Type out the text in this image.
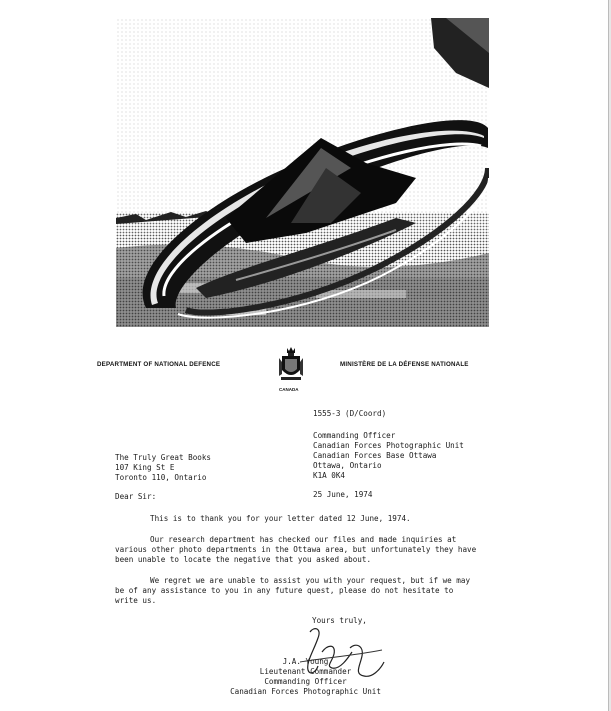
DEPARTMENT OF NATIONAL DEFENCE	MINISTÈRE DE LA DÉFENSE NATIONALE
CANADA
1555-3 (D/Coord)
Commanding Officer
Canadian Forces Photographic Unit
Canadian Forces Base Ottawa
Ottawa, Ontario
K1A 0K4
25 June, 1974
The Truly Great Books
107 King St E
Toronto 110, Ontario
Dear Sir:
This is to thank you for your letter dated 12 June, 1974.
Our research department has checked our files and made inquiries at
various other photo departments in the Ottawa area, but unfortunately they have
been unable to locate the negative that you asked about.
We regret we are unable to assist you with your request, but if we may
be of any assistance to you in any future quest, please do not hesitate to
write us.
Yours truly,
J.A. Young
Lieutenant Commander
Commanding Officer
Canadian Forces Photographic Unit
